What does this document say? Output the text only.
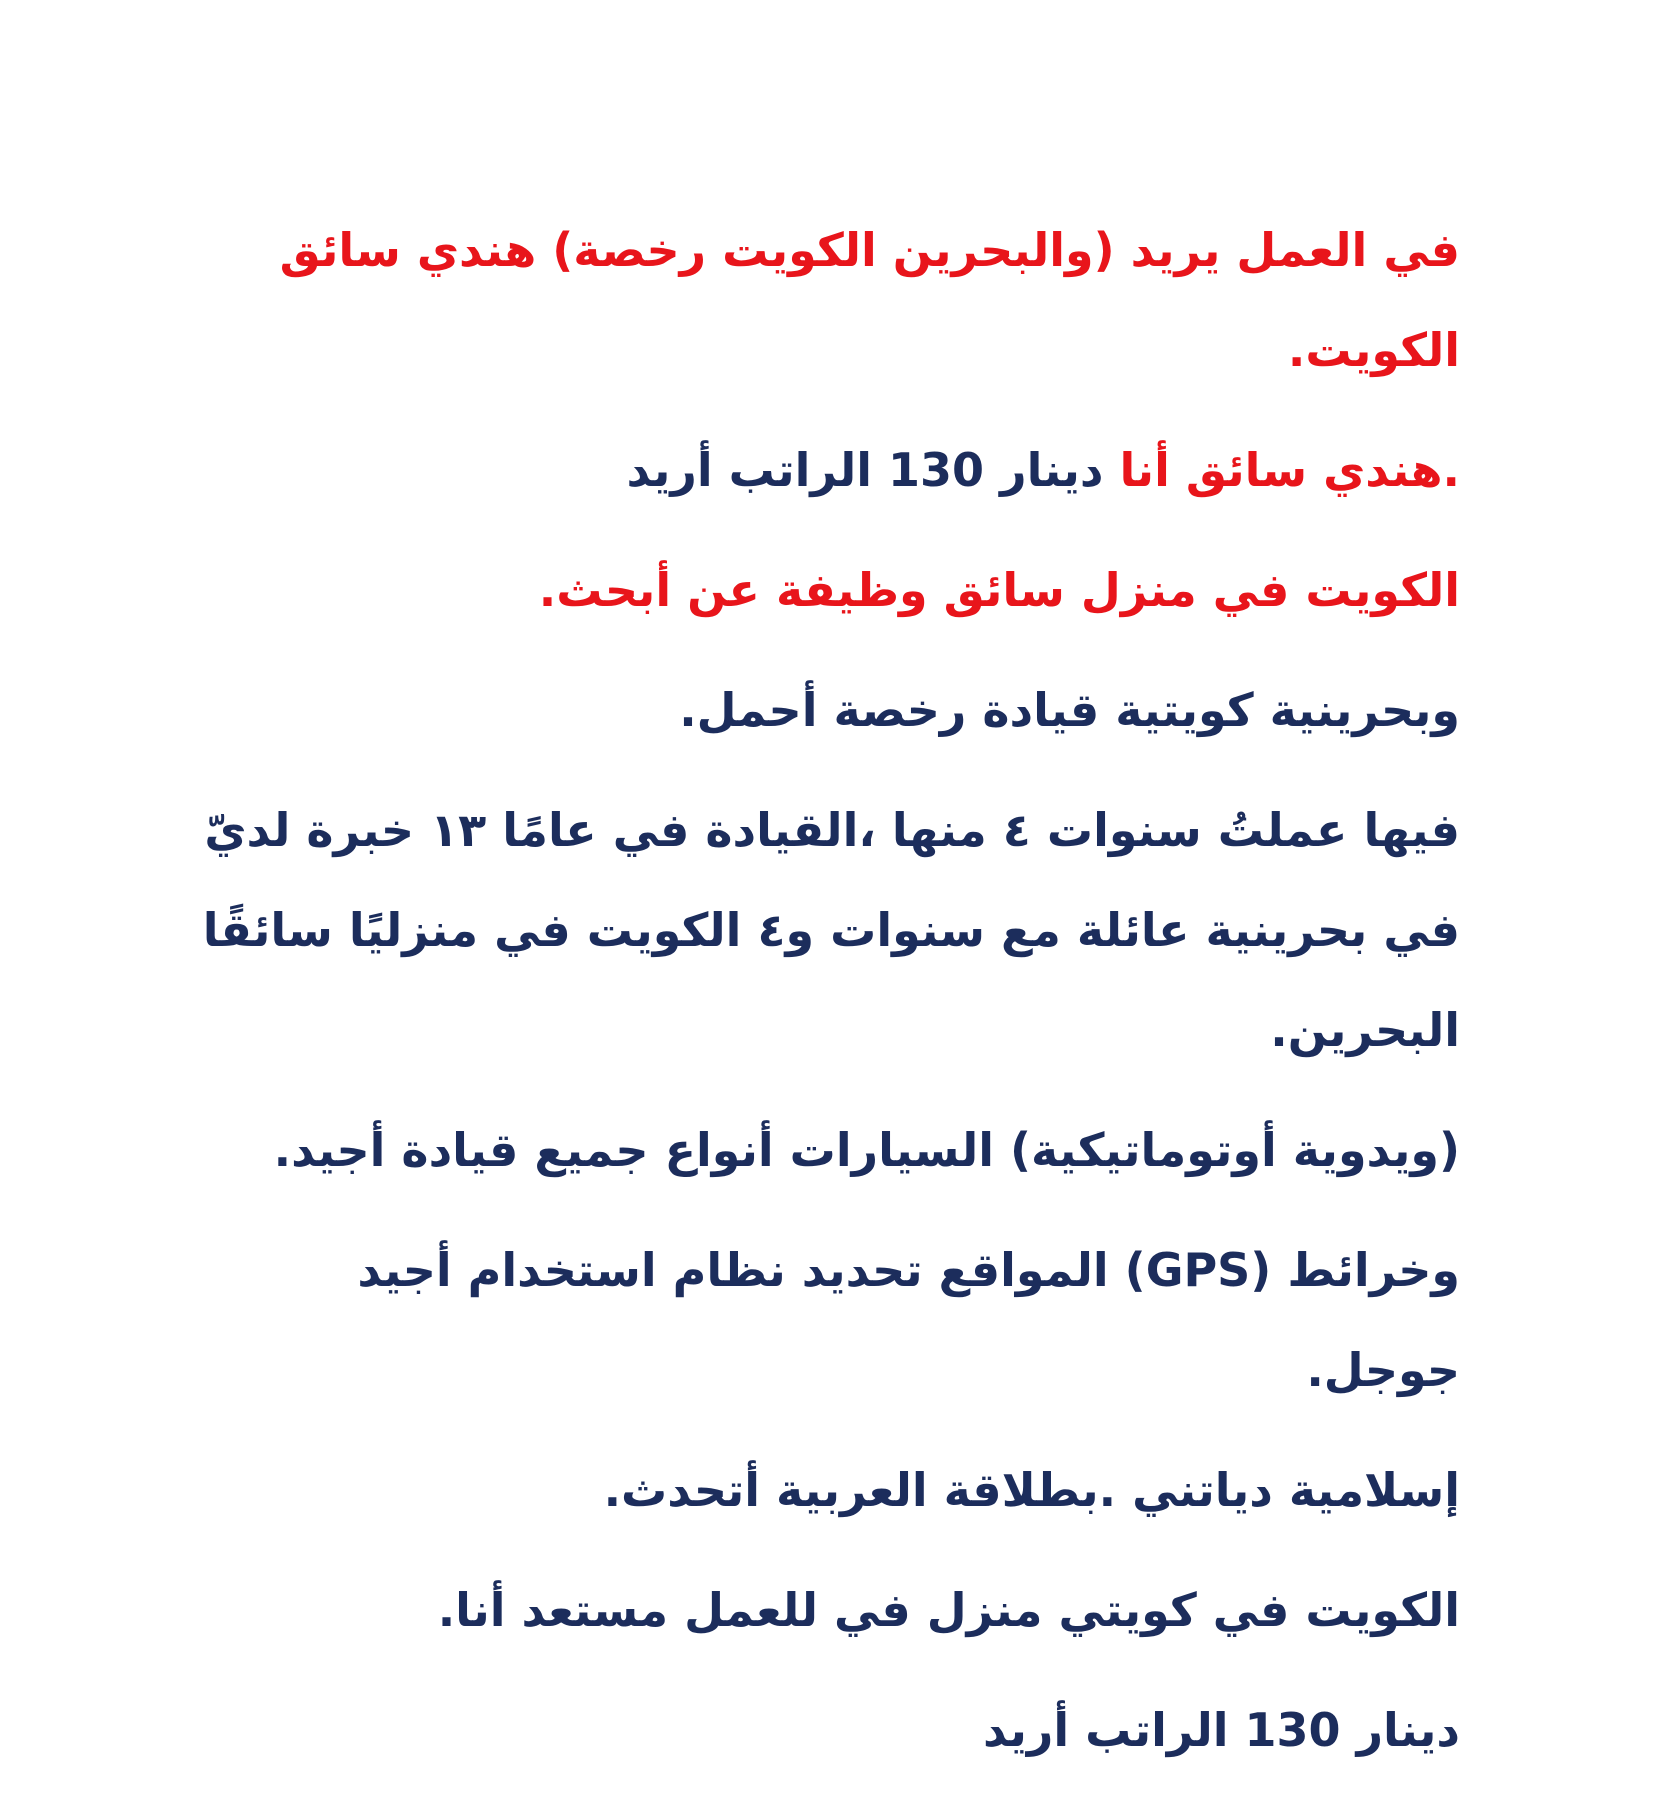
في العمل يريد (والبحرين الكويت رخصة) هندي سائق
الكويت.

.هندي سائق أنا دينار 130 الراتب أريد

الكويت في منزل سائق وظيفة عن أبحث.

وبحرينية كويتية قيادة رخصة أحمل.

فيها عملتُ سنوات ٤ منها ،القيادة في عامًا ١٣ خبرة لديّ
في بحرينية عائلة مع سنوات و٤ الكويت في منزليًا سائقًا
البحرين.

(ويدوية أوتوماتيكية) السيارات أنواع جميع قيادة أجيد.

وخرائط (GPS) المواقع تحديد نظام استخدام أجيد
جوجل.

إسلامية دياتني .بطلاقة العربية أتحدث.

الكويت في كويتي منزل في للعمل مستعد أنا.

دينار 130 الراتب أريد
